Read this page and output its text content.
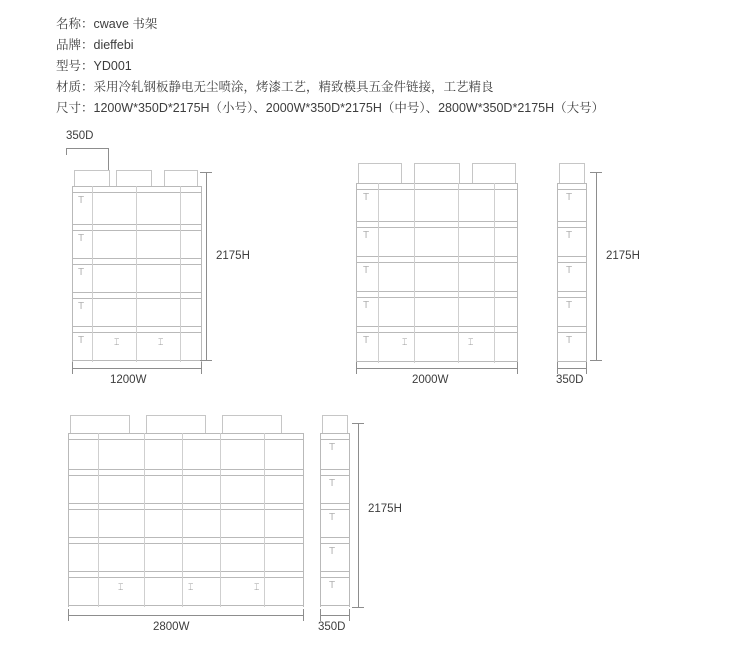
名称：cwave 书架
品牌：dieffebi
型号：YD001
材质：采用冷轧钢板静电无尘喷涂，烤漆工艺，精致模具五金件链接，工艺精良
尺寸：1200W*350D*2175H（小号）、2000W*350D*2175H（中号）、2800W*350D*2175H（大号）
350D
T
T
T
T
T	⌶	⌶
2175H
1200W
T
T
T
T
T	⌶	⌶
2000W
T
T
T
T
T
2175H
350D
⌶	⌶	⌶
2800W
T
T
T
T
T
2175H
350D
